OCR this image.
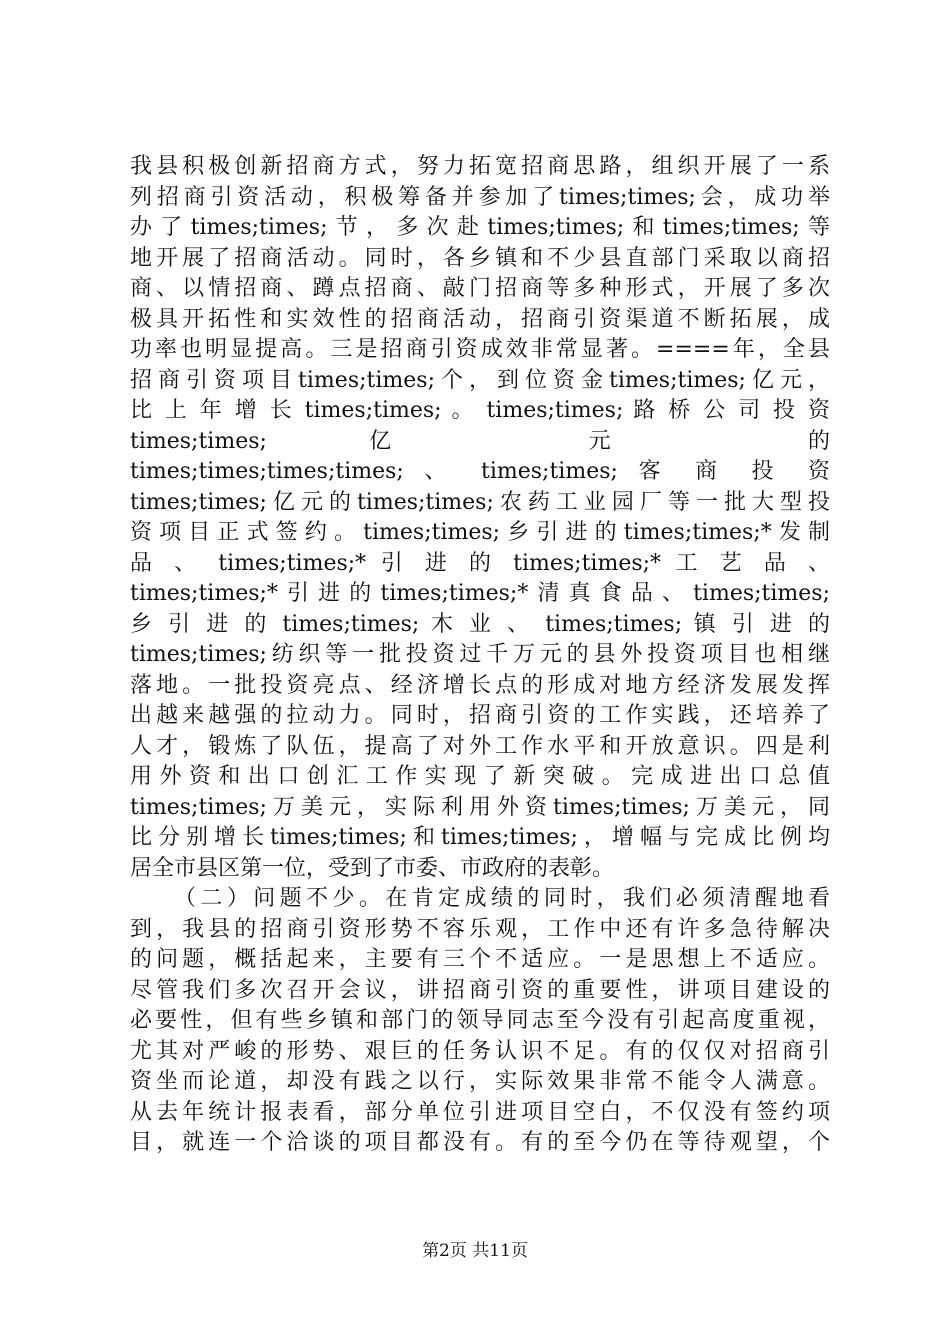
我县积极创新招商方式，努力拓宽招商思路，组织开展了一系
列招商引资活动，积极筹备并参加了times;times;会，成功举
办了times;times;节，多次赴times;times;和times;times;等
地开展了招商活动。同时，各乡镇和不少县直部门采取以商招
商、以情招商、蹲点招商、敲门招商等多种形式，开展了多次
极具开拓性和实效性的招商活动，招商引资渠道不断拓展，成
功率也明显提高。三是招商引资成效非常显著。====年，全县
招商引资项目times;times;个，到位资金times;times;亿元，
比 上 年 增 长 times;times; 。 times;times; 路 桥 公 司 投 资
times;times; 亿 元 的
times;times;times;times; 、 times;times; 客 商 投 资
times;times;亿元的times;times;农药工业园厂等一批大型投
资项目正式签约。times;times;乡引进的times;times;*发制
品 、 times;times;* 引 进 的 times;times;* 工 艺 品 、
times;times;*引进的times;times;*清真食品、times;times;
乡 引 进 的 times;times; 木 业 、 times;times; 镇 引 进 的
times;times;纺织等一批投资过千万元的县外投资项目也相继
落地。一批投资亮点、经济增长点的形成对地方经济发展发挥
出越来越强的拉动力。同时，招商引资的工作实践，还培养了
人才，锻炼了队伍，提高了对外工作水平和开放意识。四是利
用外资和出口创汇工作实现了新突破。完成进出口总值
times;times;万美元，实际利用外资times;times;万美元，同
比分别增长times;times;和times;times;，增幅与完成比例均
居全市县区第一位，受到了市委、市政府的表彰。
（二）问题不少。在肯定成绩的同时，我们必须清醒地看
到，我县的招商引资形势不容乐观，工作中还有许多急待解决
的问题，概括起来，主要有三个不适应。一是思想上不适应。
尽管我们多次召开会议，讲招商引资的重要性，讲项目建设的
必要性，但有些乡镇和部门的领导同志至今没有引起高度重视，
尤其对严峻的形势、艰巨的任务认识不足。有的仅仅对招商引
资坐而论道，却没有践之以行，实际效果非常不能令人满意。
从去年统计报表看，部分单位引进项目空白，不仅没有签约项
目，就连一个洽谈的项目都没有。有的至今仍在等待观望，个
第2页 共11页
